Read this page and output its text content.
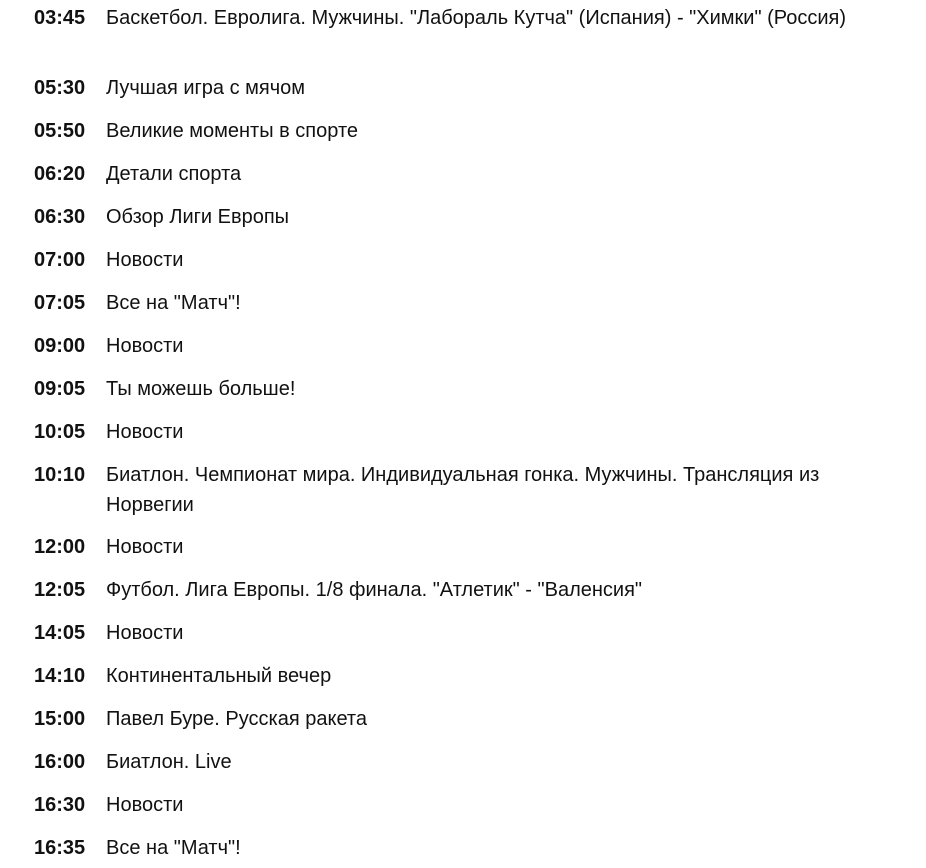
03:45	Баскетбол. Евролига. Мужчины. "Лабораль Кутча" (Испания) - "Химки" (Россия)
05:30	Лучшая игра с мячом
05:50	Великие моменты в спорте
06:20	Детали спорта
06:30	Обзор Лиги Европы
07:00	Новости
07:05	Все на "Матч"!
09:00	Новости
09:05	Ты можешь больше!
10:05	Новости
10:10	Биатлон. Чемпионат мира. Индивидуальная гонка. Мужчины. Трансляция из Норвегии
12:00	Новости
12:05	Футбол. Лига Европы. 1/8 финала. "Атлетик" - "Валенсия"
14:05	Новости
14:10	Континентальный вечер
15:00	Павел Буре. Русская ракета
16:00	Биатлон. Live
16:30	Новости
16:35	Все на "Матч"!
